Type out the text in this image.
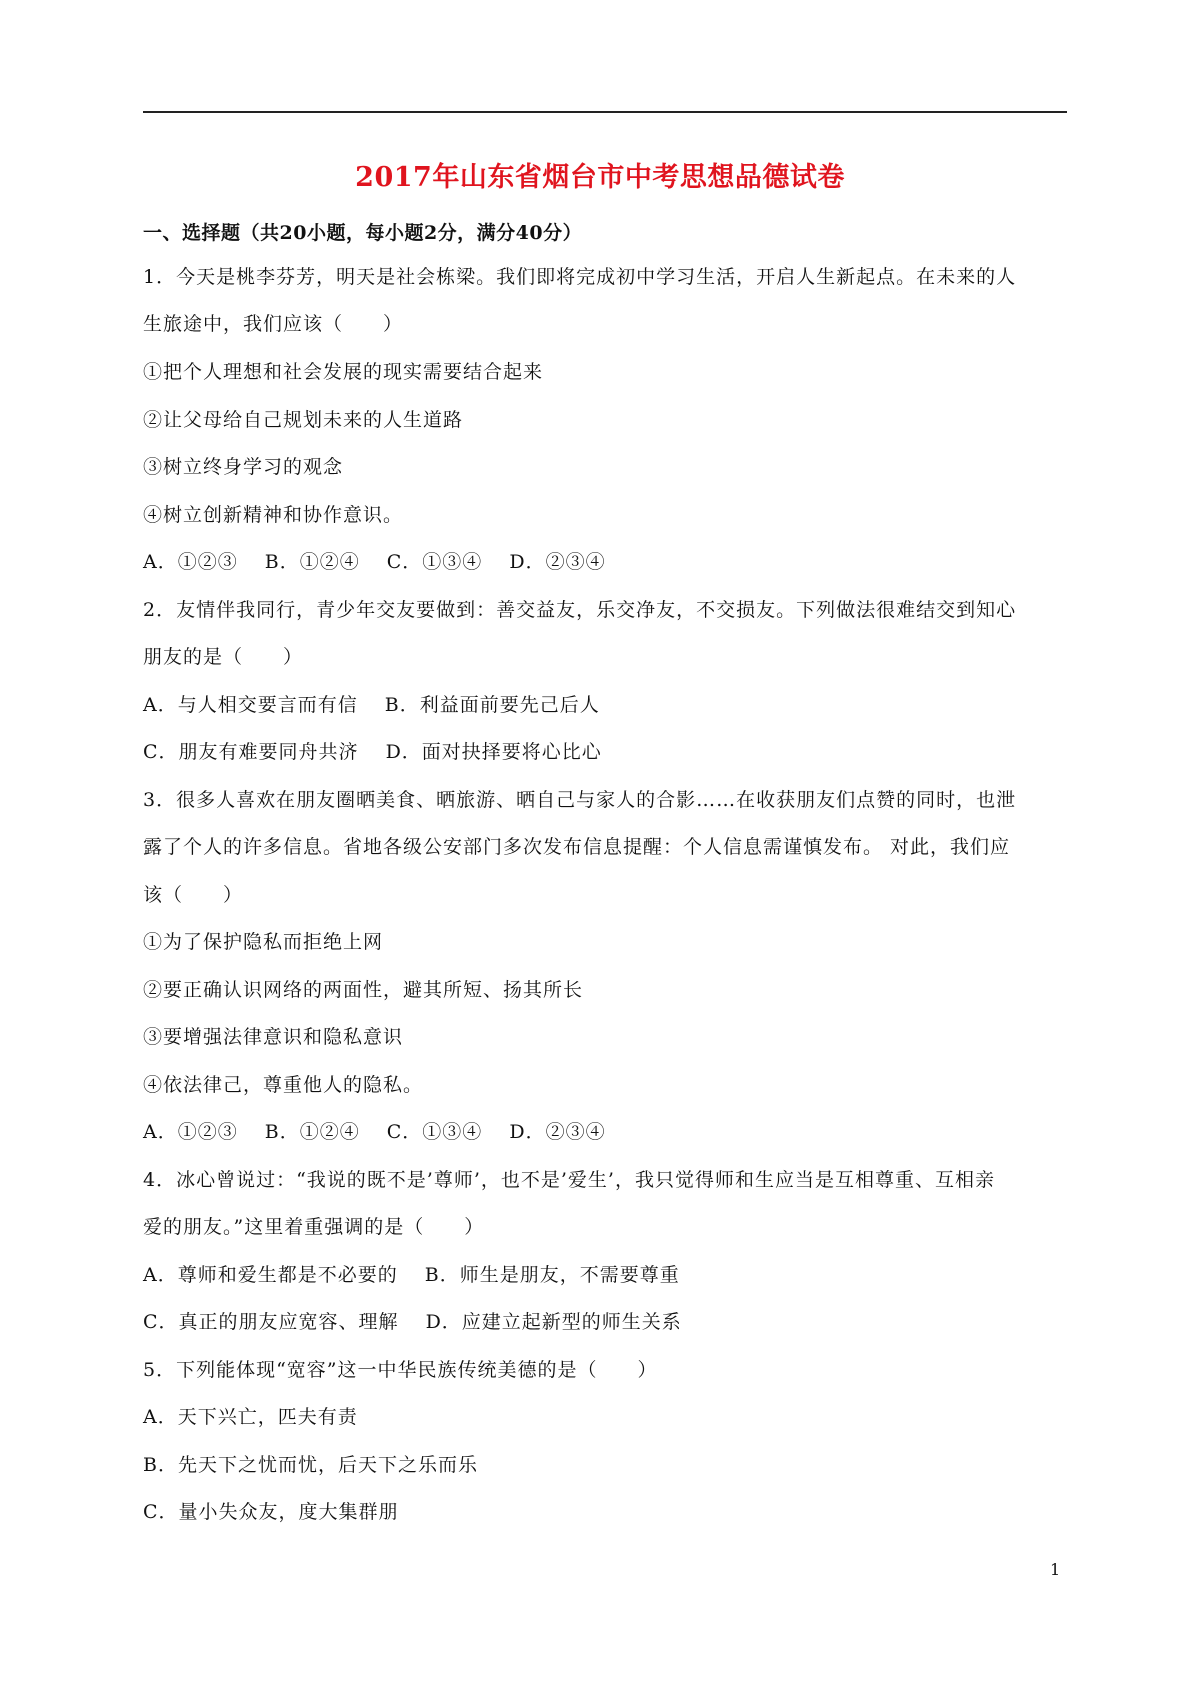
2017年山东省烟台市中考思想品德试卷
一、选择题（共20小题，每小题2分，满分40分）
1．今天是桃李芬芳，明天是社会栋梁。我们即将完成初中学习生活，开启人生新起点。在未来的人
生旅途中，我们应该（　　）
①把个人理想和社会发展的现实需要结合起来
②让父母给自己规划未来的人生道路
③树立终身学习的观念
④树立创新精神和协作意识。
A．①②③　 B．①②④　 C．①③④　 D．②③④
2．友情伴我同行，青少年交友要做到：善交益友，乐交净友，不交损友。下列做法很难结交到知心
朋友的是（　　）
A．与人相交要言而有信　 B．利益面前要先己后人
C．朋友有难要同舟共济　 D．面对抉择要将心比心
3．很多人喜欢在朋友圈晒美食、晒旅游、晒自己与家人的合影……在收获朋友们点赞的同时，也泄
露了个人的许多信息。省地各级公安部门多次发布信息提醒：个人信息需谨慎发布。 对此，我们应
该（　　）
①为了保护隐私而拒绝上网
②要正确认识网络的两面性，避其所短、扬其所长
③要增强法律意识和隐私意识
④依法律己，尊重他人的隐私。
A．①②③　 B．①②④　 C．①③④　 D．②③④
4．冰心曾说过：“我说的既不是’尊师’，也不是’爱生’，我只觉得师和生应当是互相尊重、互相亲
爱的朋友。”这里着重强调的是（　　）
A．尊师和爱生都是不必要的　 B．师生是朋友，不需要尊重
C．真正的朋友应宽容、理解　 D．应建立起新型的师生关系
5．下列能体现“宽容”这一中华民族传统美德的是（　　）
A．天下兴亡，匹夫有责
B．先天下之忧而忧，后天下之乐而乐
C．量小失众友，度大集群朋
1
